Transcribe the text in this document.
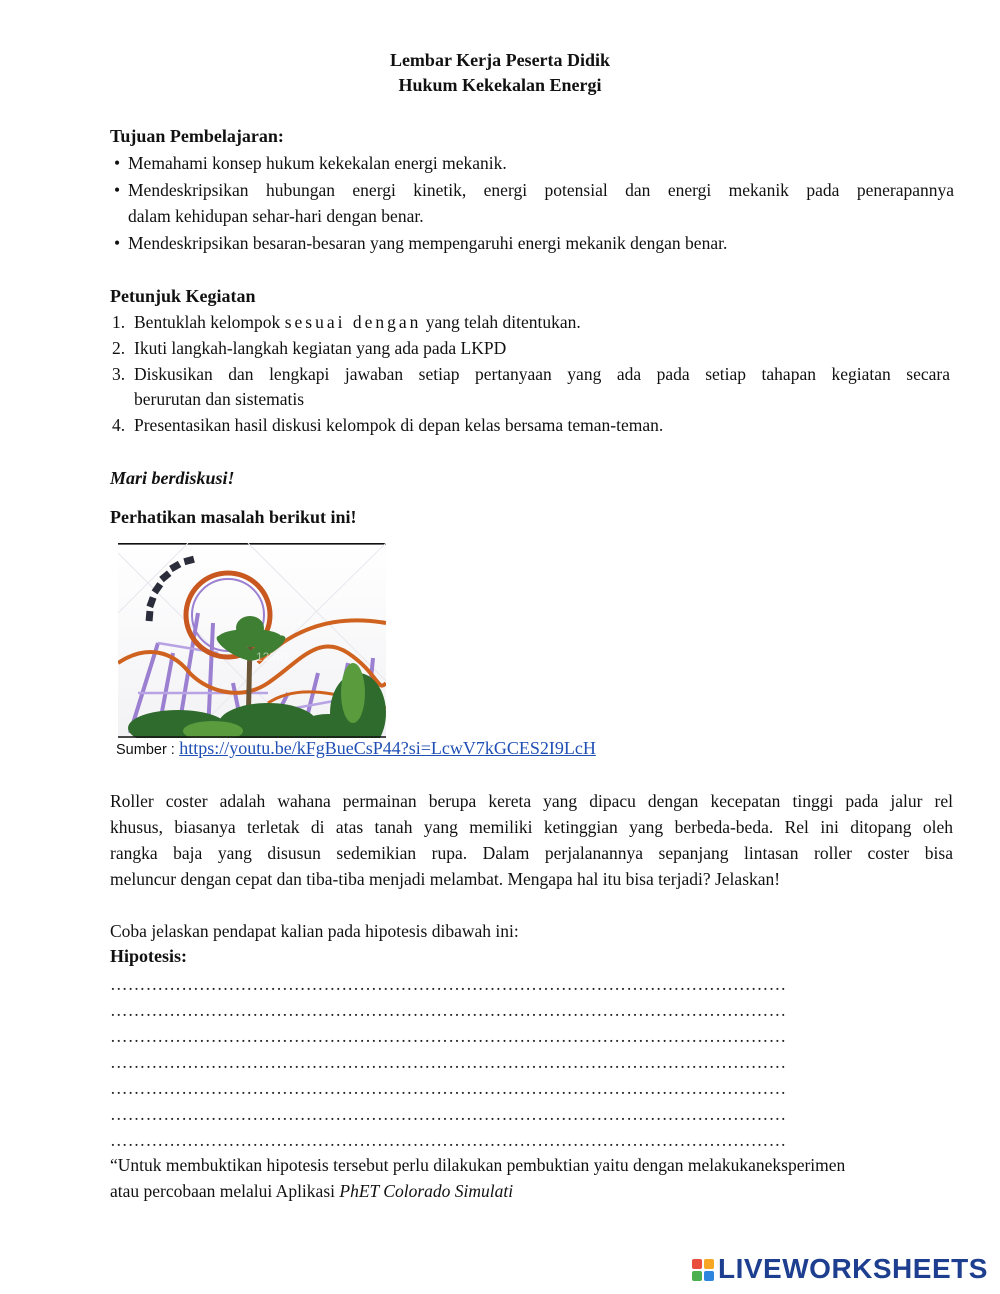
Lembar Kerja Peserta Didik
Hukum Kekekalan Energi
Tujuan Pembelajaran:
• Memahami konsep hukum kekekalan energi mekanik.
• Mendeskripsikan hubungan energi kinetik, energi potensial dan energi mekanik pada penerapannya
dalam kehidupan sehar-hari dengan benar.
• Mendeskripsikan besaran-besaran yang mempengaruhi energi mekanik dengan benar.
Petunjuk Kegiatan
1. Bentuklah kelompok sesuai dengan yang telah ditentukan.
2. Ikuti langkah-langkah kegiatan yang ada pada LKPD
3. Diskusikan dan lengkapi jawaban setiap pertanyaan yang ada pada setiap tahapan kegiatan secara
berurutan dan sistematis
4. Presentasikan hasil diskusi kelompok di depan kelas bersama teman-teman.
Mari berdiskusi!
Perhatikan masalah berikut ini!
123RF
Sumber : https://youtu.be/kFgBueCsP44?si=LcwV7kGCES2I9LcH
Roller coster adalah wahana permainan berupa kereta yang dipacu dengan kecepatan tinggi pada jalur rel
khusus, biasanya terletak di atas tanah yang memiliki ketinggian yang berbeda-beda. Rel ini ditopang oleh
rangka baja yang disusun sedemikian rupa. Dalam perjalanannya sepanjang lintasan roller coster bisa
meluncur dengan cepat dan tiba-tiba menjadi melambat. Mengapa hal itu bisa terjadi? Jelaskan!
Coba jelaskan pendapat kalian pada hipotesis dibawah ini:
Hipotesis:
……………………………………………………………………………………………………
……………………………………………………………………………………………………
……………………………………………………………………………………………………
……………………………………………………………………………………………………
……………………………………………………………………………………………………
……………………………………………………………………………………………………
……………………………………………………………………………………………………
“Untuk membuktikan hipotesis tersebut perlu dilakukan pembuktian yaitu dengan melakukaneksperimen
atau percobaan melalui Aplikasi PhET Colorado Simulati
LIVEWORKSHEETS
